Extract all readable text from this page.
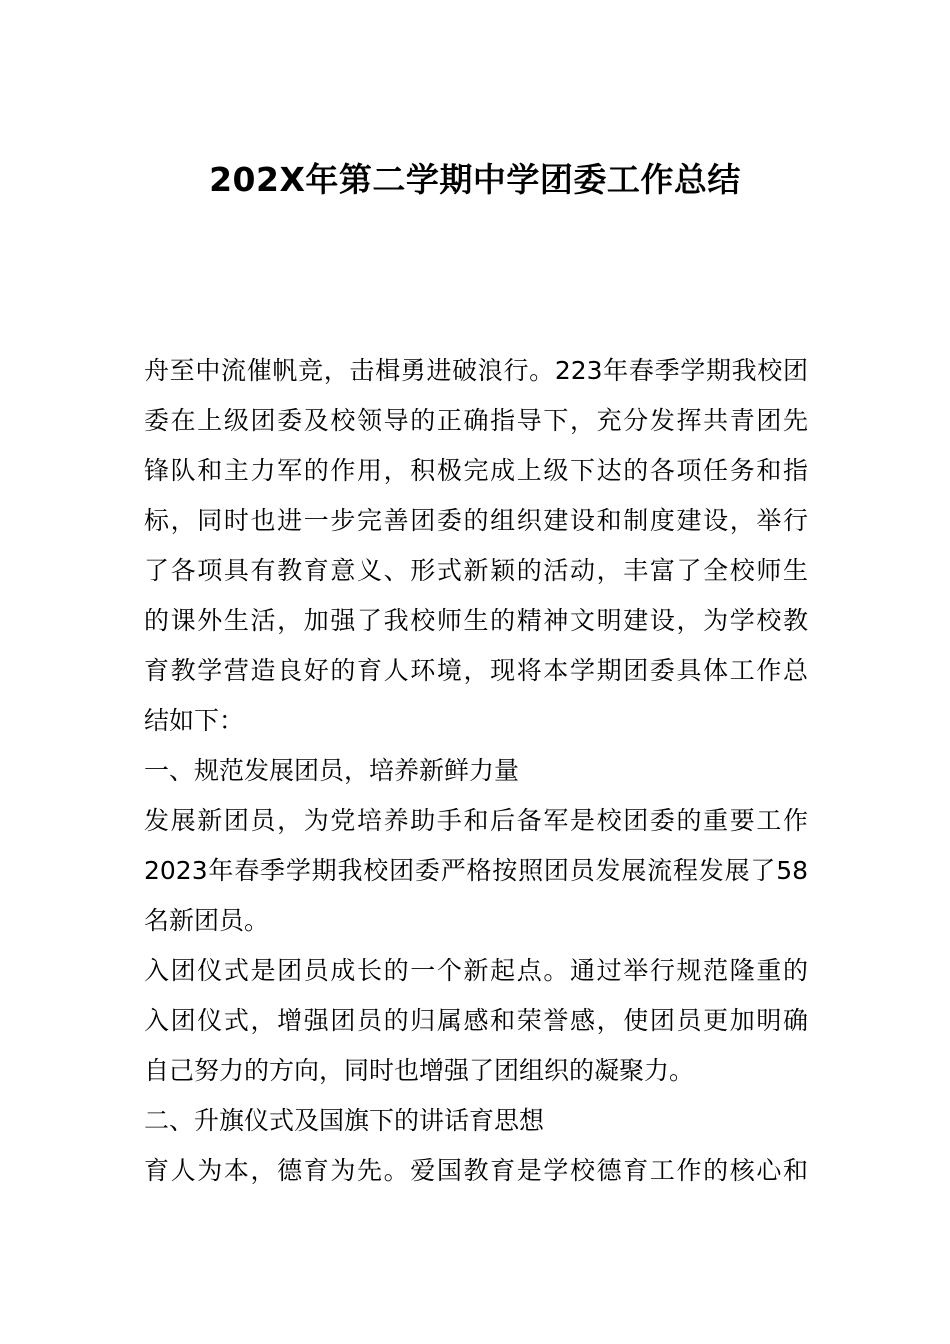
202X年第二学期中学团委工作总结
舟至中流催帆竞，击楫勇进破浪行。223年春季学期我校团
委在上级团委及校领导的正确指导下，充分发挥共青团先
锋队和主力军的作用，积极完成上级下达的各项任务和指
标，同时也进一步完善团委的组织建设和制度建设，举行
了各项具有教育意义、形式新颖的活动，丰富了全校师生
的课外生活，加强了我校师生的精神文明建设，为学校教
育教学营造良好的育人环境，现将本学期团委具体工作总
结如下：
一、规范发展团员，培养新鲜力量
发展新团员，为党培养助手和后备军是校团委的重要工作
2023年春季学期我校团委严格按照团员发展流程发展了58
名新团员。
入团仪式是团员成长的一个新起点。通过举行规范隆重的
入团仪式，增强团员的归属感和荣誉感，使团员更加明确
自己努力的方向，同时也增强了团组织的凝聚力。
二、升旗仪式及国旗下的讲话育思想
育人为本，德育为先。爱国教育是学校德育工作的核心和
